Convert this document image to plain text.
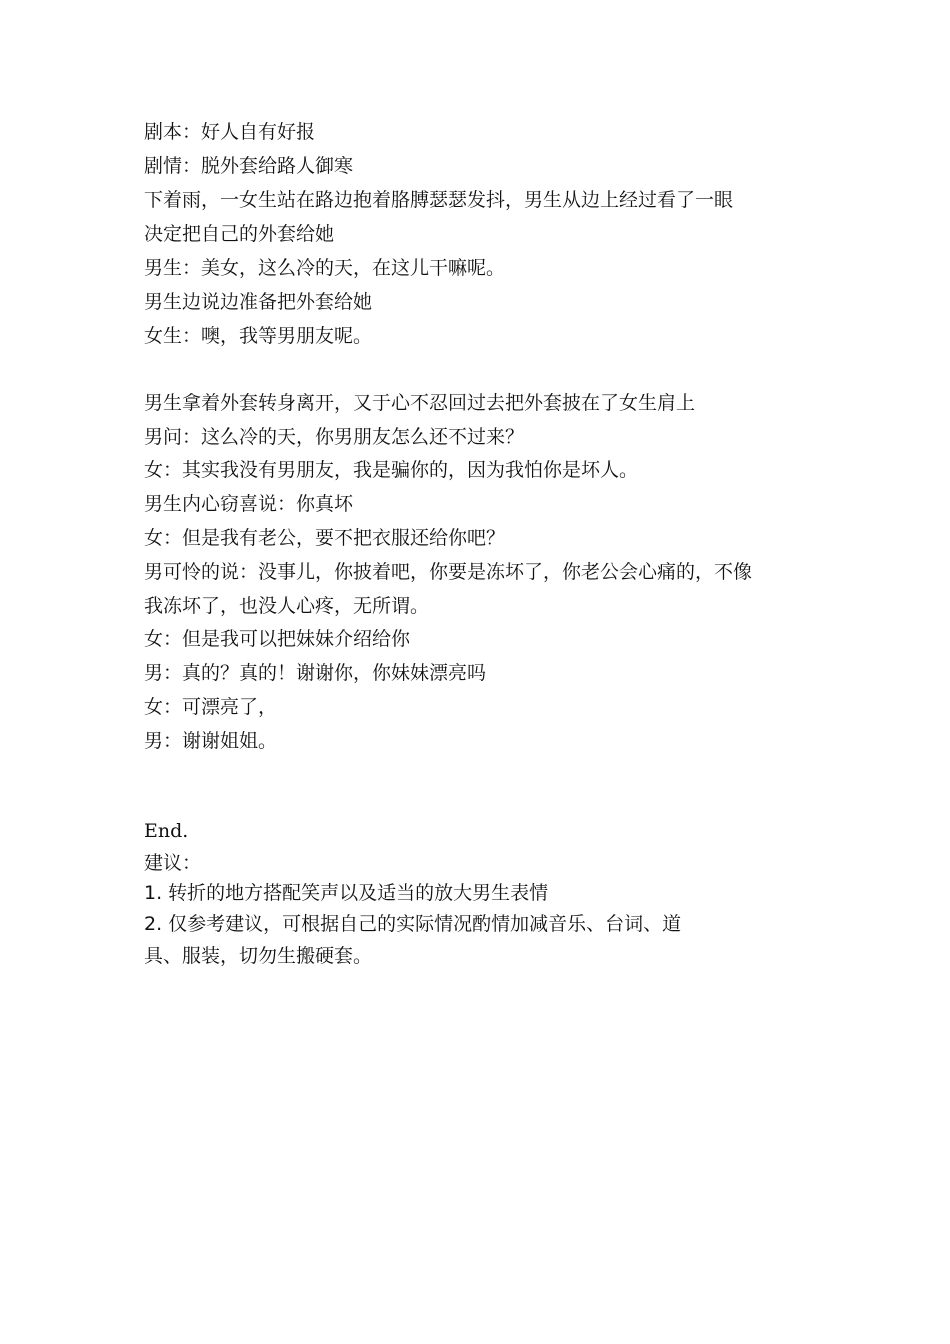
剧本：好人自有好报

剧情：脱外套给路人御寒

下着雨，一女生站在路边抱着胳膊瑟瑟发抖，男生从边上经过看了一眼

决定把自己的外套给她

男生：美女，这么冷的天，在这儿干嘛呢。

男生边说边准备把外套给她

女生：噢，我等男朋友呢。

男生拿着外套转身离开，又于心不忍回过去把外套披在了女生肩上

男问：这么冷的天，你男朋友怎么还不过来？

女：其实我没有男朋友，我是骗你的，因为我怕你是坏人。

男生内心窃喜说：你真坏

女：但是我有老公，要不把衣服还给你吧？

男可怜的说：没事儿，你披着吧，你要是冻坏了，你老公会心痛的，不像

我冻坏了，也没人心疼，无所谓。

女：但是我可以把妹妹介绍给你

男：真的？真的！谢谢你，你妹妹漂亮吗

女：可漂亮了，

男：谢谢姐姐。

End.

建议：

1. 转折的地方搭配笑声以及适当的放大男生表情

2. 仅参考建议，可根据自己的实际情况酌情加减音乐、台词、道

具、服装，切勿生搬硬套。
